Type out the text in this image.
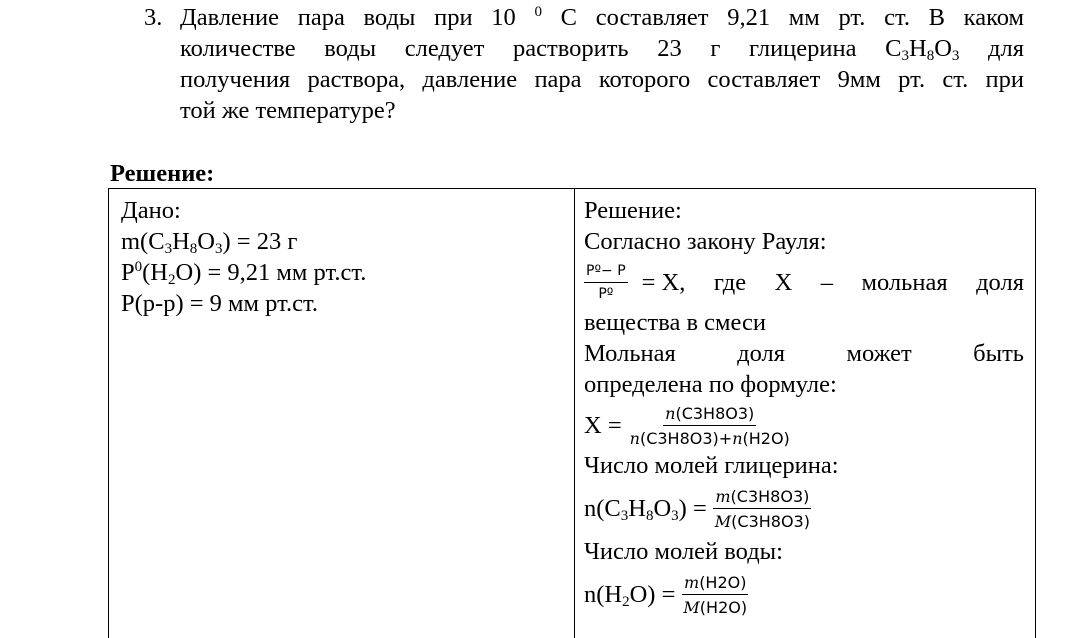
3. Давление пара воды при 10 $^0$ С составляет 9,21 мм рт. ст. В каком
количестве воды следует растворить 23 г глицерина $С_3Н_8О_3$ для
получения раствора, давление пара которого составляет 9мм рт. ст. при
той же температуре?
Решение:
Дано:
$m(C_3H_8O_3) = 23$ г
$P^0(H_2O) = 9,21$ мм рт.ст.
P(р-р) = 9 мм рт.ст.
Решение:
Согласно закону Рауля:
$\frac{\text{Pº− P}}{\text{Pº}} = X$, где X – мольная доля
вещества в смеси
Мольная	доля	может	быть
определена по формуле:
$X = \frac{n(C3H8O3)}{n(C3H8O3)+n(H2O)}$
Число молей глицерина:
$n(C_3H_8O_3) = \frac{m(C3H8O3)}{M(C3H8O3)}$
Число молей воды:
$n(H_2O) = \frac{m(H2O)}{M(H2O)}$
